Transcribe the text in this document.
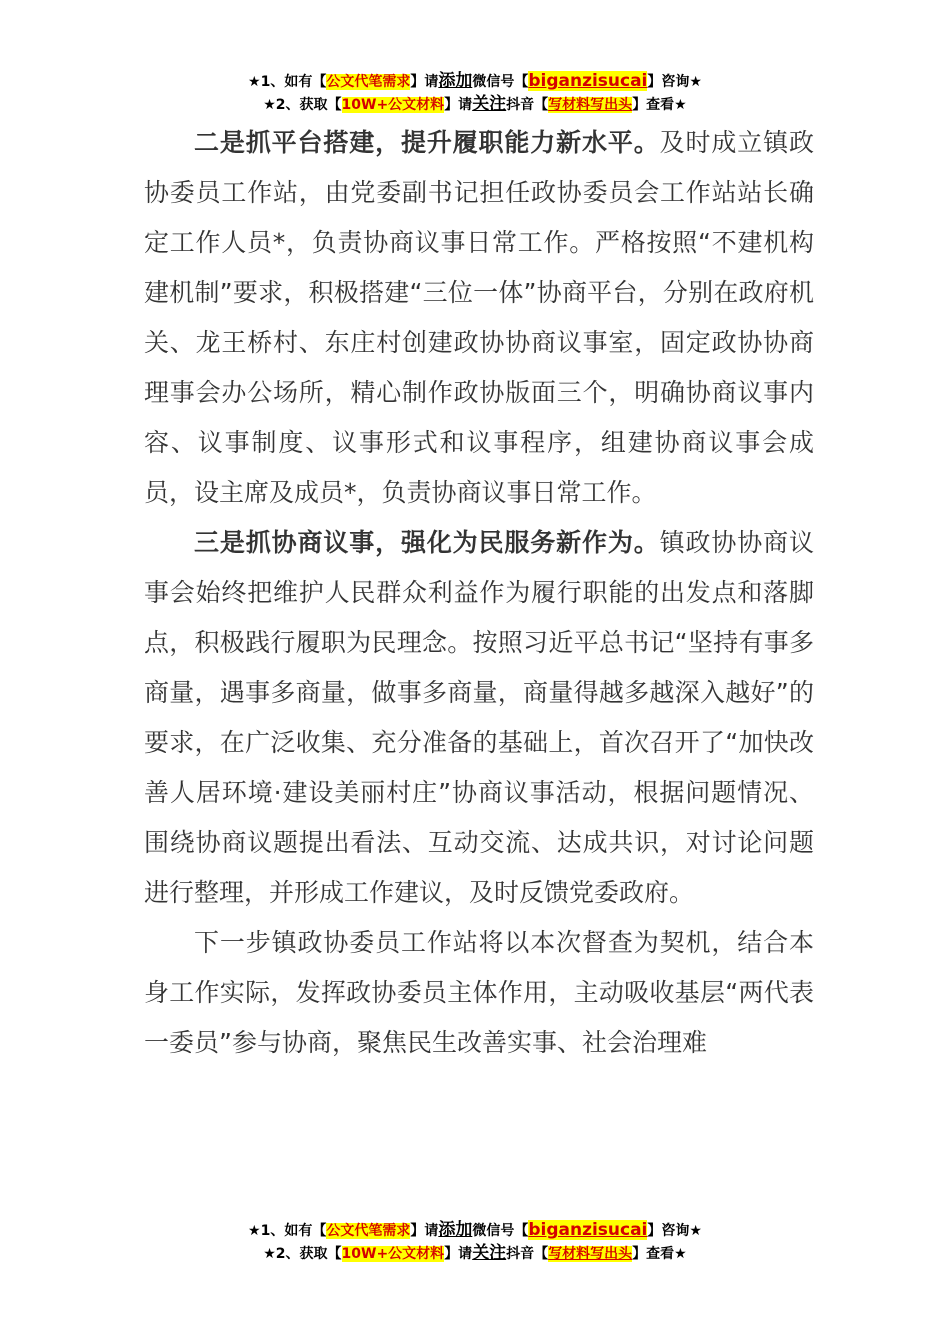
★1、如有【公文代笔需求】请添加微信号【biganzisucai】咨询★
★2、获取【10W+公文材料】请关注抖音【写材料写出头】查看★

二是抓平台搭建，提升履职能力新水平。及时成立镇政协委员工作站，由党委副书记担任政协委员会工作站站长确定工作人员*，负责协商议事日常工作。严格按照“不建机构建机制”要求，积极搭建“三位一体”协商平台，分别在政府机关、龙王桥村、东庄村创建政协协商议事室，固定政协协商理事会办公场所，精心制作政协版面三个，明确协商议事内容、议事制度、议事形式和议事程序，组建协商议事会成员，设主席及成员*，负责协商议事日常工作。

三是抓协商议事，强化为民服务新作为。镇政协协商议事会始终把维护人民群众利益作为履行职能的出发点和落脚点，积极践行履职为民理念。按照习近平总书记“坚持有事多商量，遇事多商量，做事多商量，商量得越多越深入越好”的要求，在广泛收集、充分准备的基础上，首次召开了“加快改善人居环境·建设美丽村庄”协商议事活动，根据问题情况、围绕协商议题提出看法、互动交流、达成共识，对讨论问题进行整理，并形成工作建议，及时反馈党委政府。

下一步镇政协委员工作站将以本次督查为契机，结合本身工作实际，发挥政协委员主体作用，主动吸收基层“两代表一委员”参与协商，聚焦民生改善实事、社会治理难

★1、如有【公文代笔需求】请添加微信号【biganzisucai】咨询★
★2、获取【10W+公文材料】请关注抖音【写材料写出头】查看★
